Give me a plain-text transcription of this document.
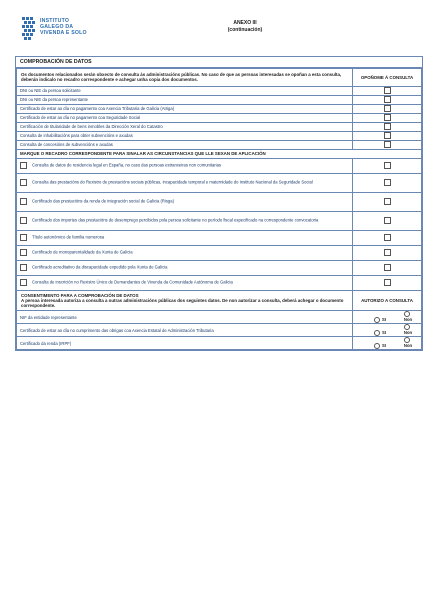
INSTITUTO
GALEGO DA
VIVENDA E SOLO
ANEXO III
(continuación)
COMPROBACIÓN DE DATOS
Os documentos relacionados serán obxecto de consulta ás administracións públicas. No caso de que as persoas interesadas se opoñan a esta consulta, deberán indicalo no recadro correspondente e achegar unha copia dos documentos.	OPOÑOME Á CONSULTA
DNI ou NIE da persoa solicitante	
DNI ou NIE da persoa representante	
Certificado de estar ao día no pagamento coa Axencia Tributaria de Galicia (Atriga)	
Certificado de estar ao día no pagamento coa Seguridade Social	
Certificación de titularidade de bens inmobles da Dirección Xeral do Catastro	
Consulta de inhabilitacións para obter subvencións e axudas	
Consulta de concesións de subvencións e axudas	
MARQUE O RECADRO CORRESPONDENTE PARA SINALAR AS CIRCUNSTANCIAS QUE LLE SEXAN DE APLICACIÓN	
Consulta de datos de residencia legal en España, no caso das persoas estranxeiras non comunitarias	
Consulta das prestacións do Rexistro de prestacións sociais públicas, incapacidade temporal e maternidade do Instituto Nacional da Seguridade Social	
Certificado das prestacións da renda de integración social de Galicia (Risga)	
Certificado dos importes das prestacións de desemprego percibidos pola persoa solicitante no período fiscal especificado na correspondente convocatoria	
Título autonómico de familia numerosa	
Certificado de monoparentalidade da Xunta de Galicia	
Certificado acreditativo da discapacidade expedido pola Xunta de Galicia	
Consulta de inscrición no Rexistro Único de Demandantes de Vivenda da Comunidade Autónoma de Galicia	

CONSENTIMENTO PARA A COMPROBACIÓN DE DATOS
A persoa interesada autoriza a consulta a outras administracións públicas dos seguintes datos. De non autorizar a consulta, deberá achegar o documento correspondente.	AUTORIZO A CONSULTA
NIF da entidade representante	SI Non
Certificado de estar ao día no cumprimento das obrigas coa Axencia Estatal de Administración Tributaria	SI Non
Certificado da renda (IRPF)	SI Non
